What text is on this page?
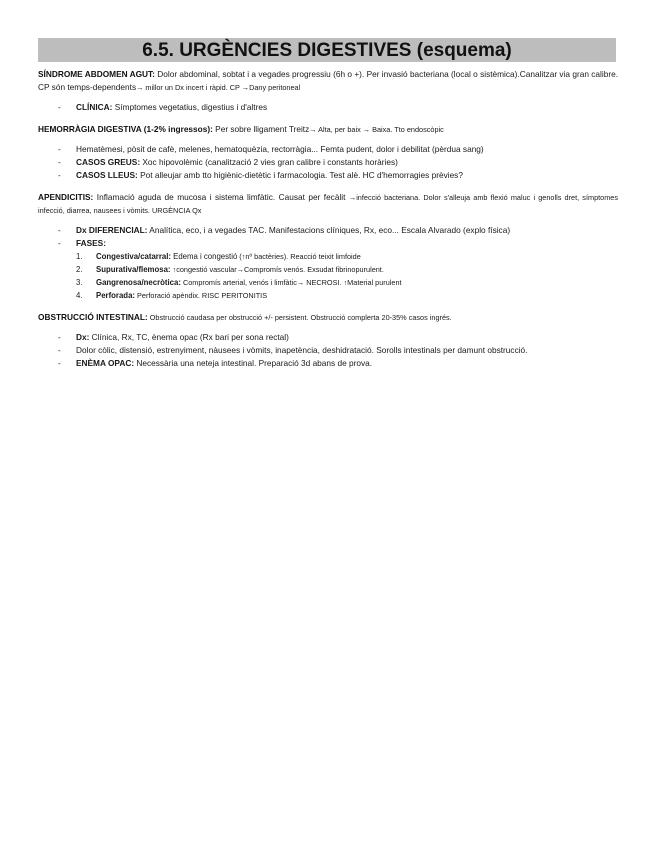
6.5. URGÈNCIES DIGESTIVES (esquema)

SÍNDROME ABDOMEN AGUT: Dolor abdominal, sobtat i a vegades progressiu (6h o +). Per invasió bacteriana (local o sistèmica).Canalitzar via gran calibre. CP són temps-dependents→ millor un Dx incert i ràpid. CP →Dany peritoneal

- CLÍNICA: Símptomes vegetatius, digestius i d'altres

HEMORRÀGIA DIGESTIVA (1-2% ingressos): Per sobre lligament Treitz→ Alta, per baix → Baixa. Tto endoscòpic

- Hematèmesi, pòsit de cafè, melenes, hematoquèzia, rectorràgia... Femta pudent, dolor i debilitat (pèrdua sang)
- CASOS GREUS: Xoc hipovolèmic (canalització 2 vies gran calibre i constants horàries)
- CASOS LLEUS: Pot alleujar amb tto higiènic-dietètic i farmacologia. Test alè. HC d'hemorragies prèvies?

APENDICITIS: Inflamació aguda de mucosa i sistema limfàtic. Causat per fecàlit →infecció bacteriana. Dolor s'alleuja amb flexió maluc i genolls dret, símptomes infecció, diarrea, nausees i vòmits. URGÈNCIA Qx

- Dx DIFERENCIAL: Analítica, eco, i a vegades TAC. Manifestacions clíniques, Rx, eco... Escala Alvarado (explo física)
- FASES:
1. Congestiva/catarral: Edema i congestió (↑nº bactèries). Reacció teixit limfoide
2. Supurativa/flemosa: ↑congestió vascular→Compromís venós. Exsudat fibrinopurulent.
3. Gangrenosa/necròtica: Compromís arterial, venós i limfàtic→ NECROSI. ↑Material purulent
4. Perforada: Perforació apèndix. RISC PERITONITIS

OBSTRUCCIÓ INTESTINAL: Obstrucció caudasa per obstrucció +/- persistent. Obstrucció complerta 20-35% casos ingrés.

- Dx: Clínica, Rx, TC, ènema opac (Rx bari per sona rectal)
- Dolor còlic, distensió, estrenyiment, nàusees i vòmits, inapetència, deshidratació. Sorolls intestinals per damunt obstrucció.
- ENÈMA OPAC: Necessària una neteja intestinal. Preparació 3d abans de prova.
